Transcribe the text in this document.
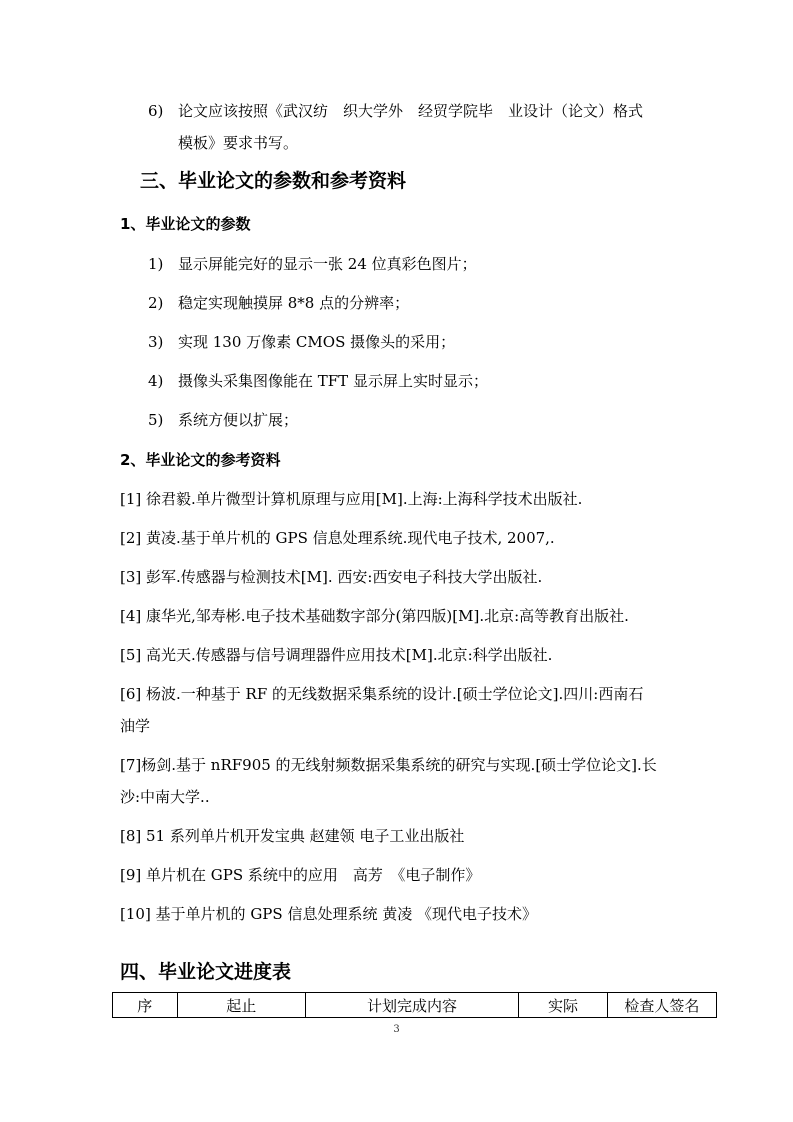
6) 论文应该按照《武汉纺　织大学外　经贸学院毕　业设计（论文）格式
模板》要求书写。
三、毕业论文的参数和参考资料
1、毕业论文的参数
1) 显示屏能完好的显示一张 24 位真彩色图片；
2) 稳定实现触摸屏 8*8 点的分辨率；
3) 实现 130 万像素 CMOS 摄像头的采用；
4) 摄像头采集图像能在 TFT 显示屏上实时显示；
5) 系统方便以扩展；
2、毕业论文的参考资料
[1] 徐君毅.单片微型计算机原理与应用[M].上海:上海科学技术出版社.
[2] 黄凌.基于单片机的 GPS 信息处理系统.现代电子技术, 2007,.
[3] 彭军.传感器与检测技术[M]. 西安:西安电子科技大学出版社.
[4] 康华光,邹寿彬.电子技术基础数字部分(第四版)[M].北京:高等教育出版社.
[5] 高光天.传感器与信号调理器件应用技术[M].北京:科学出版社.
[6] 杨波.一种基于 RF 的无线数据采集系统的设计.[硕士学位论文].四川:西南石
油学
[7]杨剑.基于 nRF905 的无线射频数据采集系统的研究与实现.[硕士学位论文].长
沙:中南大学..
[8] 51 系列单片机开发宝典 赵建领 电子工业出版社
[9] 单片机在 GPS 系统中的应用　高芳　《电子制作》
[10] 基于单片机的 GPS 信息处理系统 黄凌 《现代电子技术》
四、毕业论文进度表
序	起止	计划完成内容	实际	检查人签名
3
